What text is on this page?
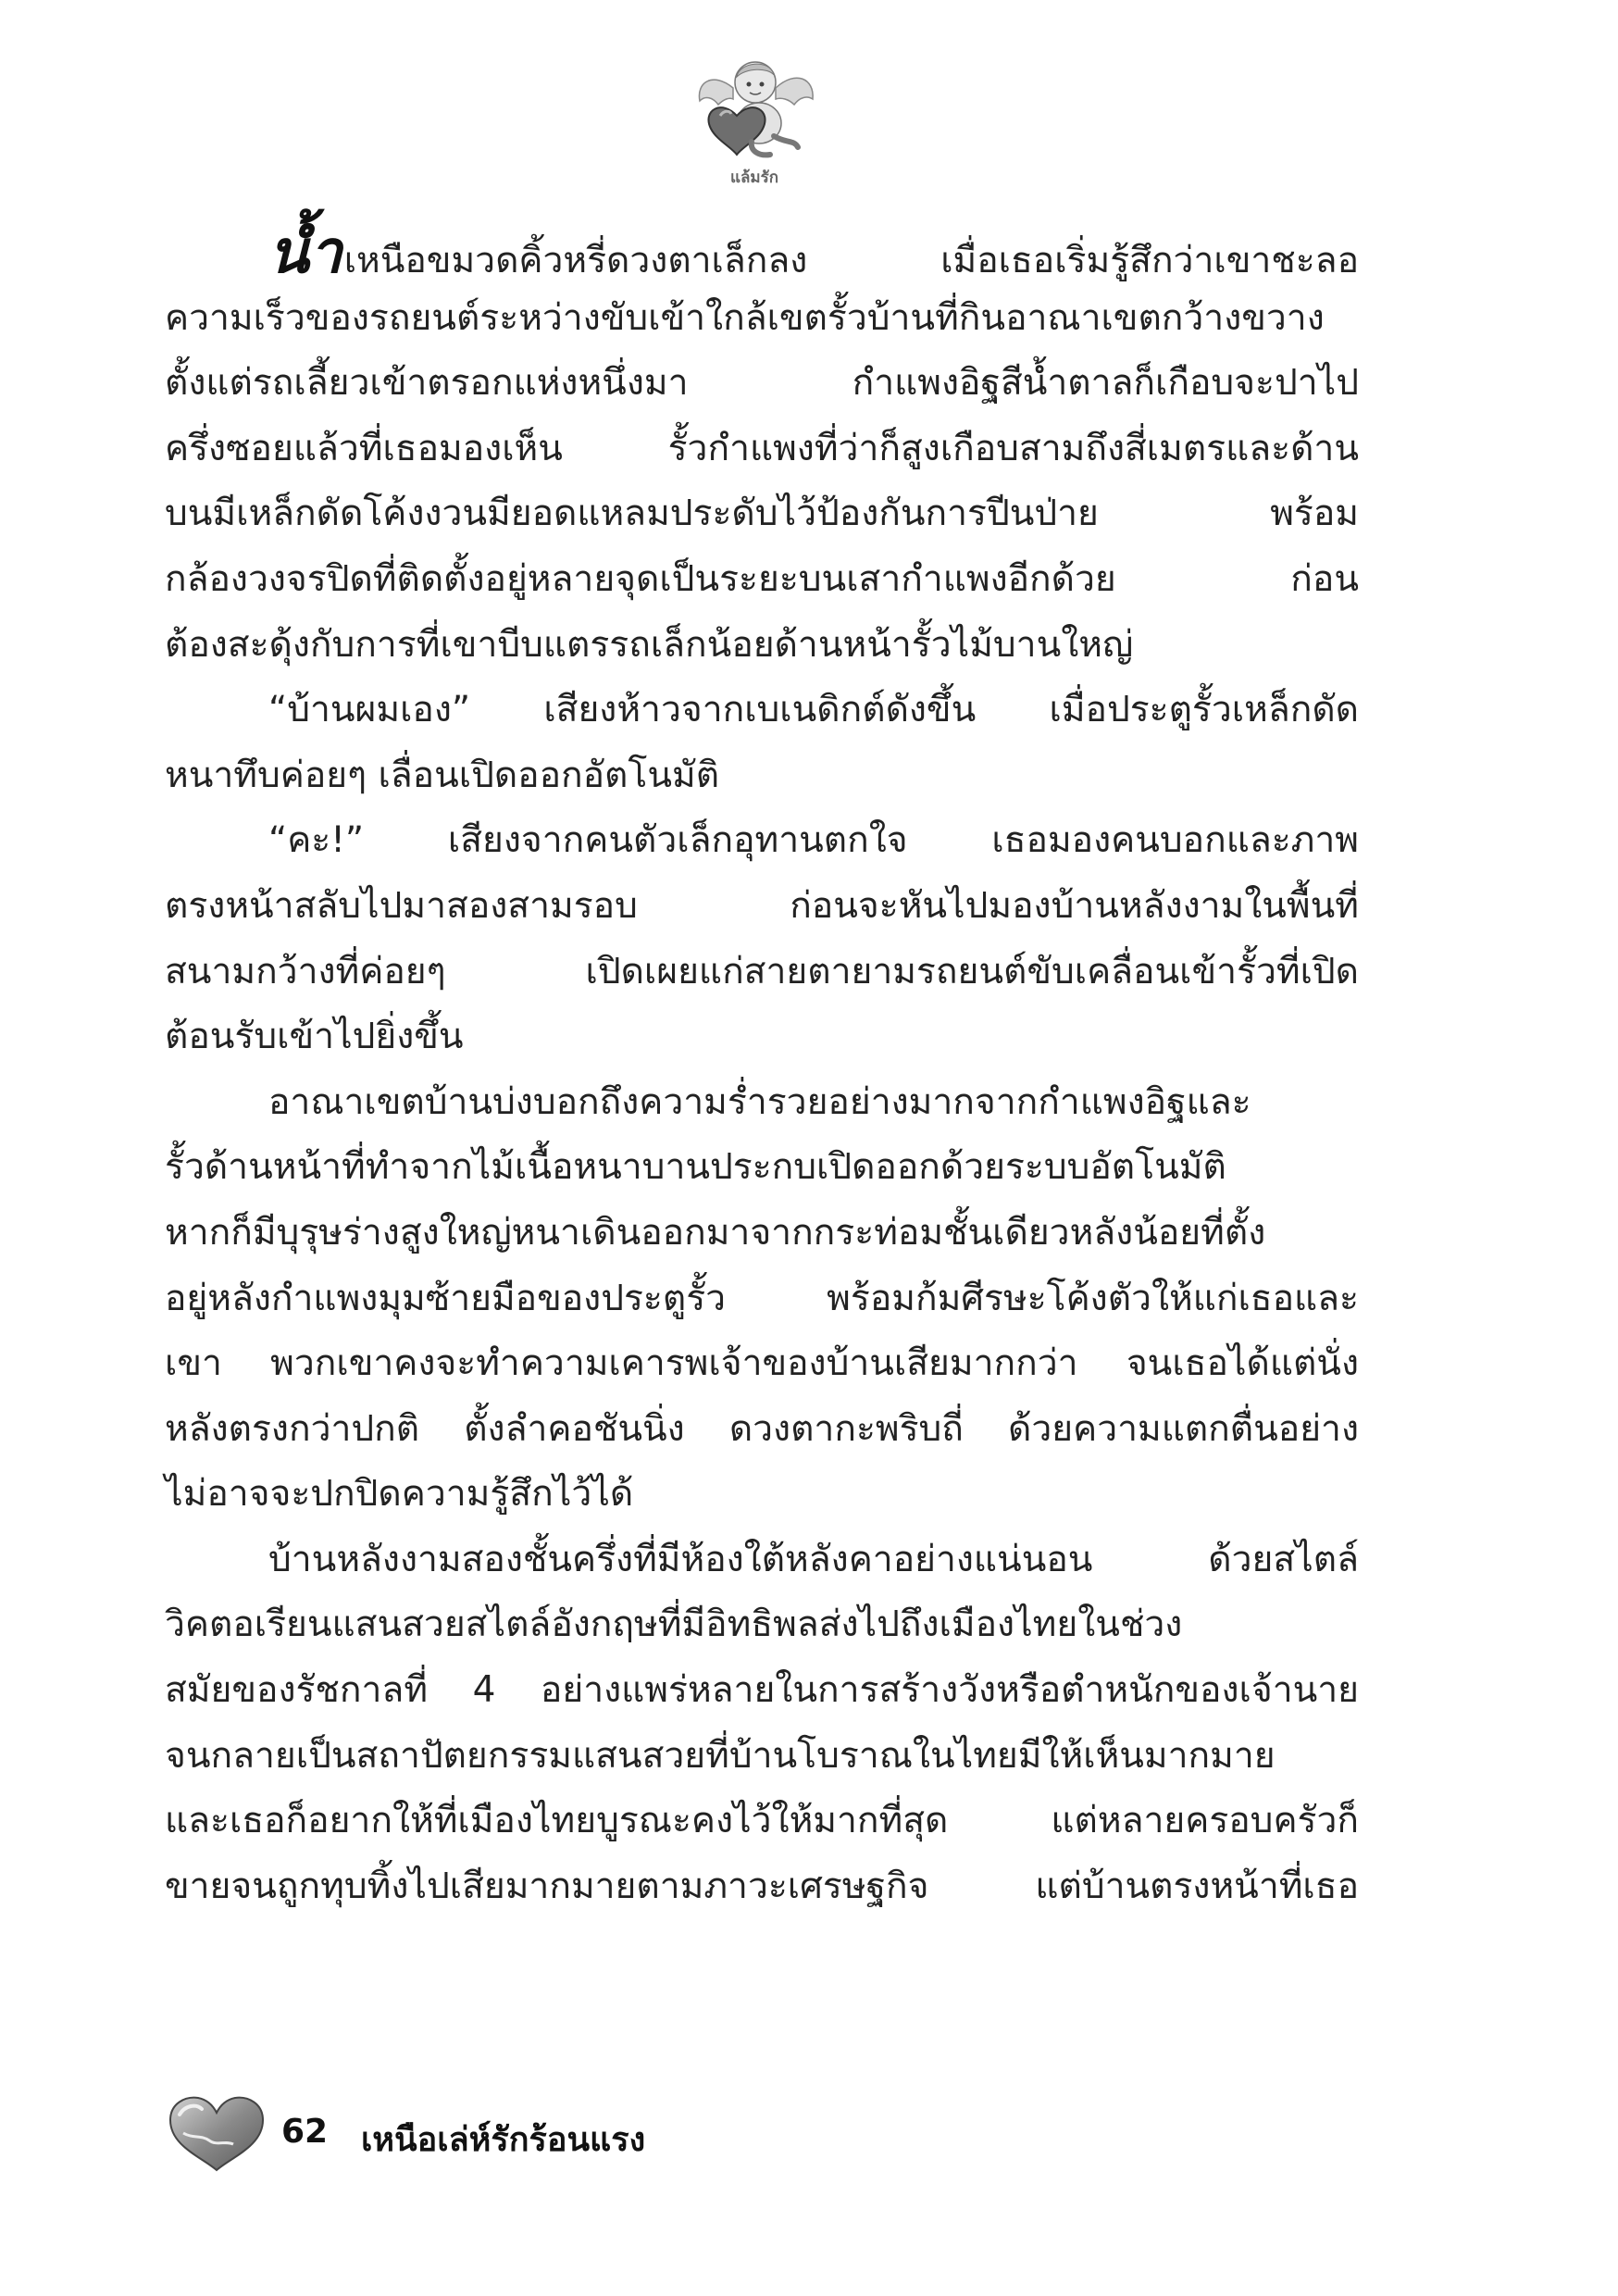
แล้มรัก
น้ำเหนือขมวดคิ้วหรี่ดวงตาเล็กลง เมื่อเธอเริ่มรู้สึกว่าเขาชะลอ
ความเร็วของรถยนต์ระหว่างขับเข้าใกล้เขตรั้วบ้านที่กินอาณาเขตกว้างขวาง
ตั้งแต่รถเลี้ยวเข้าตรอกแห่งหนึ่งมา กำแพงอิฐสีน้ำตาลก็เกือบจะปาไป
ครึ่งซอยแล้วที่เธอมองเห็น รั้วกำแพงที่ว่าก็สูงเกือบสามถึงสี่เมตรและด้าน
บนมีเหล็กดัดโค้งงวนมียอดแหลมประดับไว้ป้องกันการปีนป่าย พร้อม
กล้องวงจรปิดที่ติดตั้งอยู่หลายจุดเป็นระยะบนเสากำแพงอีกด้วย ก่อน
ต้องสะดุ้งกับการที่เขาบีบแตรรถเล็กน้อยด้านหน้ารั้วไม้บานใหญ่
“บ้านผมเอง” เสียงห้าวจากเบเนดิกต์ดังขึ้น เมื่อประตูรั้วเหล็กดัด
หนาทึบค่อยๆ เลื่อนเปิดออกอัตโนมัติ
“คะ!” เสียงจากคนตัวเล็กอุทานตกใจ เธอมองคนบอกและภาพ
ตรงหน้าสลับไปมาสองสามรอบ ก่อนจะหันไปมองบ้านหลังงามในพื้นที่
สนามกว้างที่ค่อยๆ เปิดเผยแก่สายตายามรถยนต์ขับเคลื่อนเข้ารั้วที่เปิด
ต้อนรับเข้าไปยิ่งขึ้น
อาณาเขตบ้านบ่งบอกถึงความร่ำรวยอย่างมากจากกำแพงอิฐและ
รั้วด้านหน้าที่ทำจากไม้เนื้อหนาบานประกบเปิดออกด้วยระบบอัตโนมัติ
หากก็มีบุรุษร่างสูงใหญ่หนาเดินออกมาจากกระท่อมชั้นเดียวหลังน้อยที่ตั้ง
อยู่หลังกำแพงมุมซ้ายมือของประตูรั้ว พร้อมก้มศีรษะโค้งตัวให้แก่เธอและ
เขา พวกเขาคงจะทำความเคารพเจ้าของบ้านเสียมากกว่า จนเธอได้แต่นั่ง
หลังตรงกว่าปกติ ตั้งลำคอชันนิ่ง ดวงตากะพริบถี่ ด้วยความแตกตื่นอย่าง
ไม่อาจจะปกปิดความรู้สึกไว้ได้
บ้านหลังงามสองชั้นครึ่งที่มีห้องใต้หลังคาอย่างแน่นอน ด้วยสไตล์
วิคตอเรียนแสนสวยสไตล์อังกฤษที่มีอิทธิพลส่งไปถึงเมืองไทยในช่วง
สมัยของรัชกาลที่ 4 อย่างแพร่หลายในการสร้างวังหรือตำหนักของเจ้านาย
จนกลายเป็นสถาปัตยกรรมแสนสวยที่บ้านโบราณในไทยมีให้เห็นมากมาย
และเธอก็อยากให้ที่เมืองไทยบูรณะคงไว้ให้มากที่สุด แต่หลายครอบครัวก็
ขายจนถูกทุบทิ้งไปเสียมากมายตามภาวะเศรษฐกิจ แต่บ้านตรงหน้าที่เธอ
62 เหนือเล่ห์รักร้อนแรง
